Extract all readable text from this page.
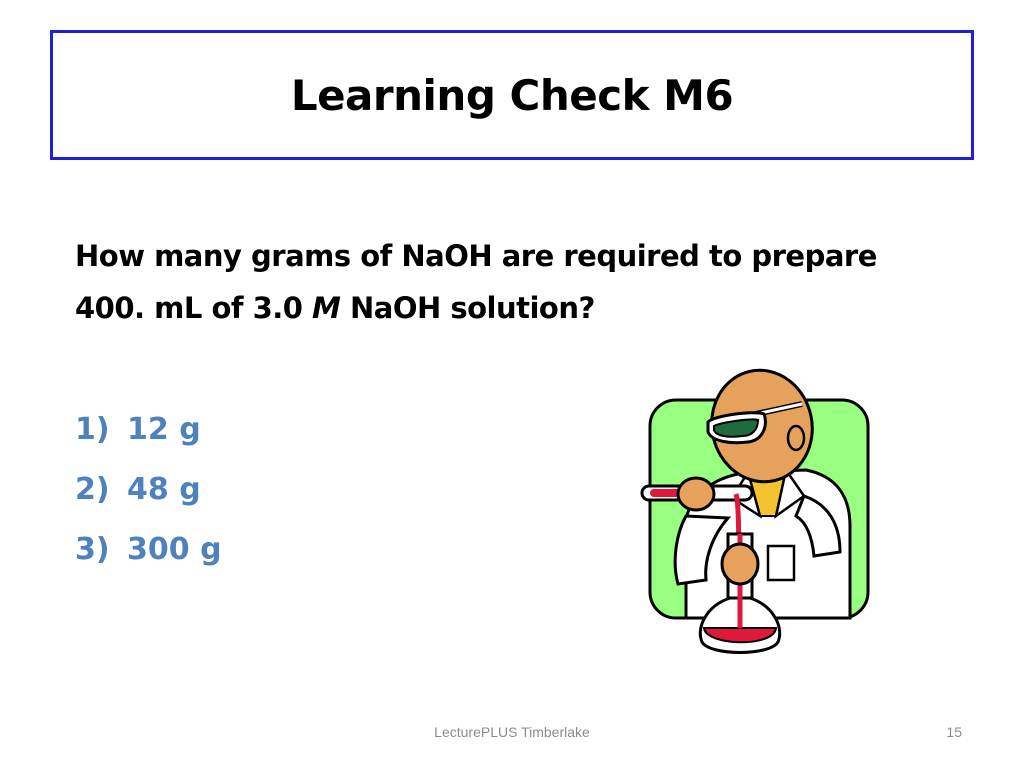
Learning Check M6
How many grams of NaOH are required to prepare
400. mL of 3.0 M NaOH solution?
1) 12 g
2) 48 g
3) 300 g
LecturePLUS Timberlake	15
